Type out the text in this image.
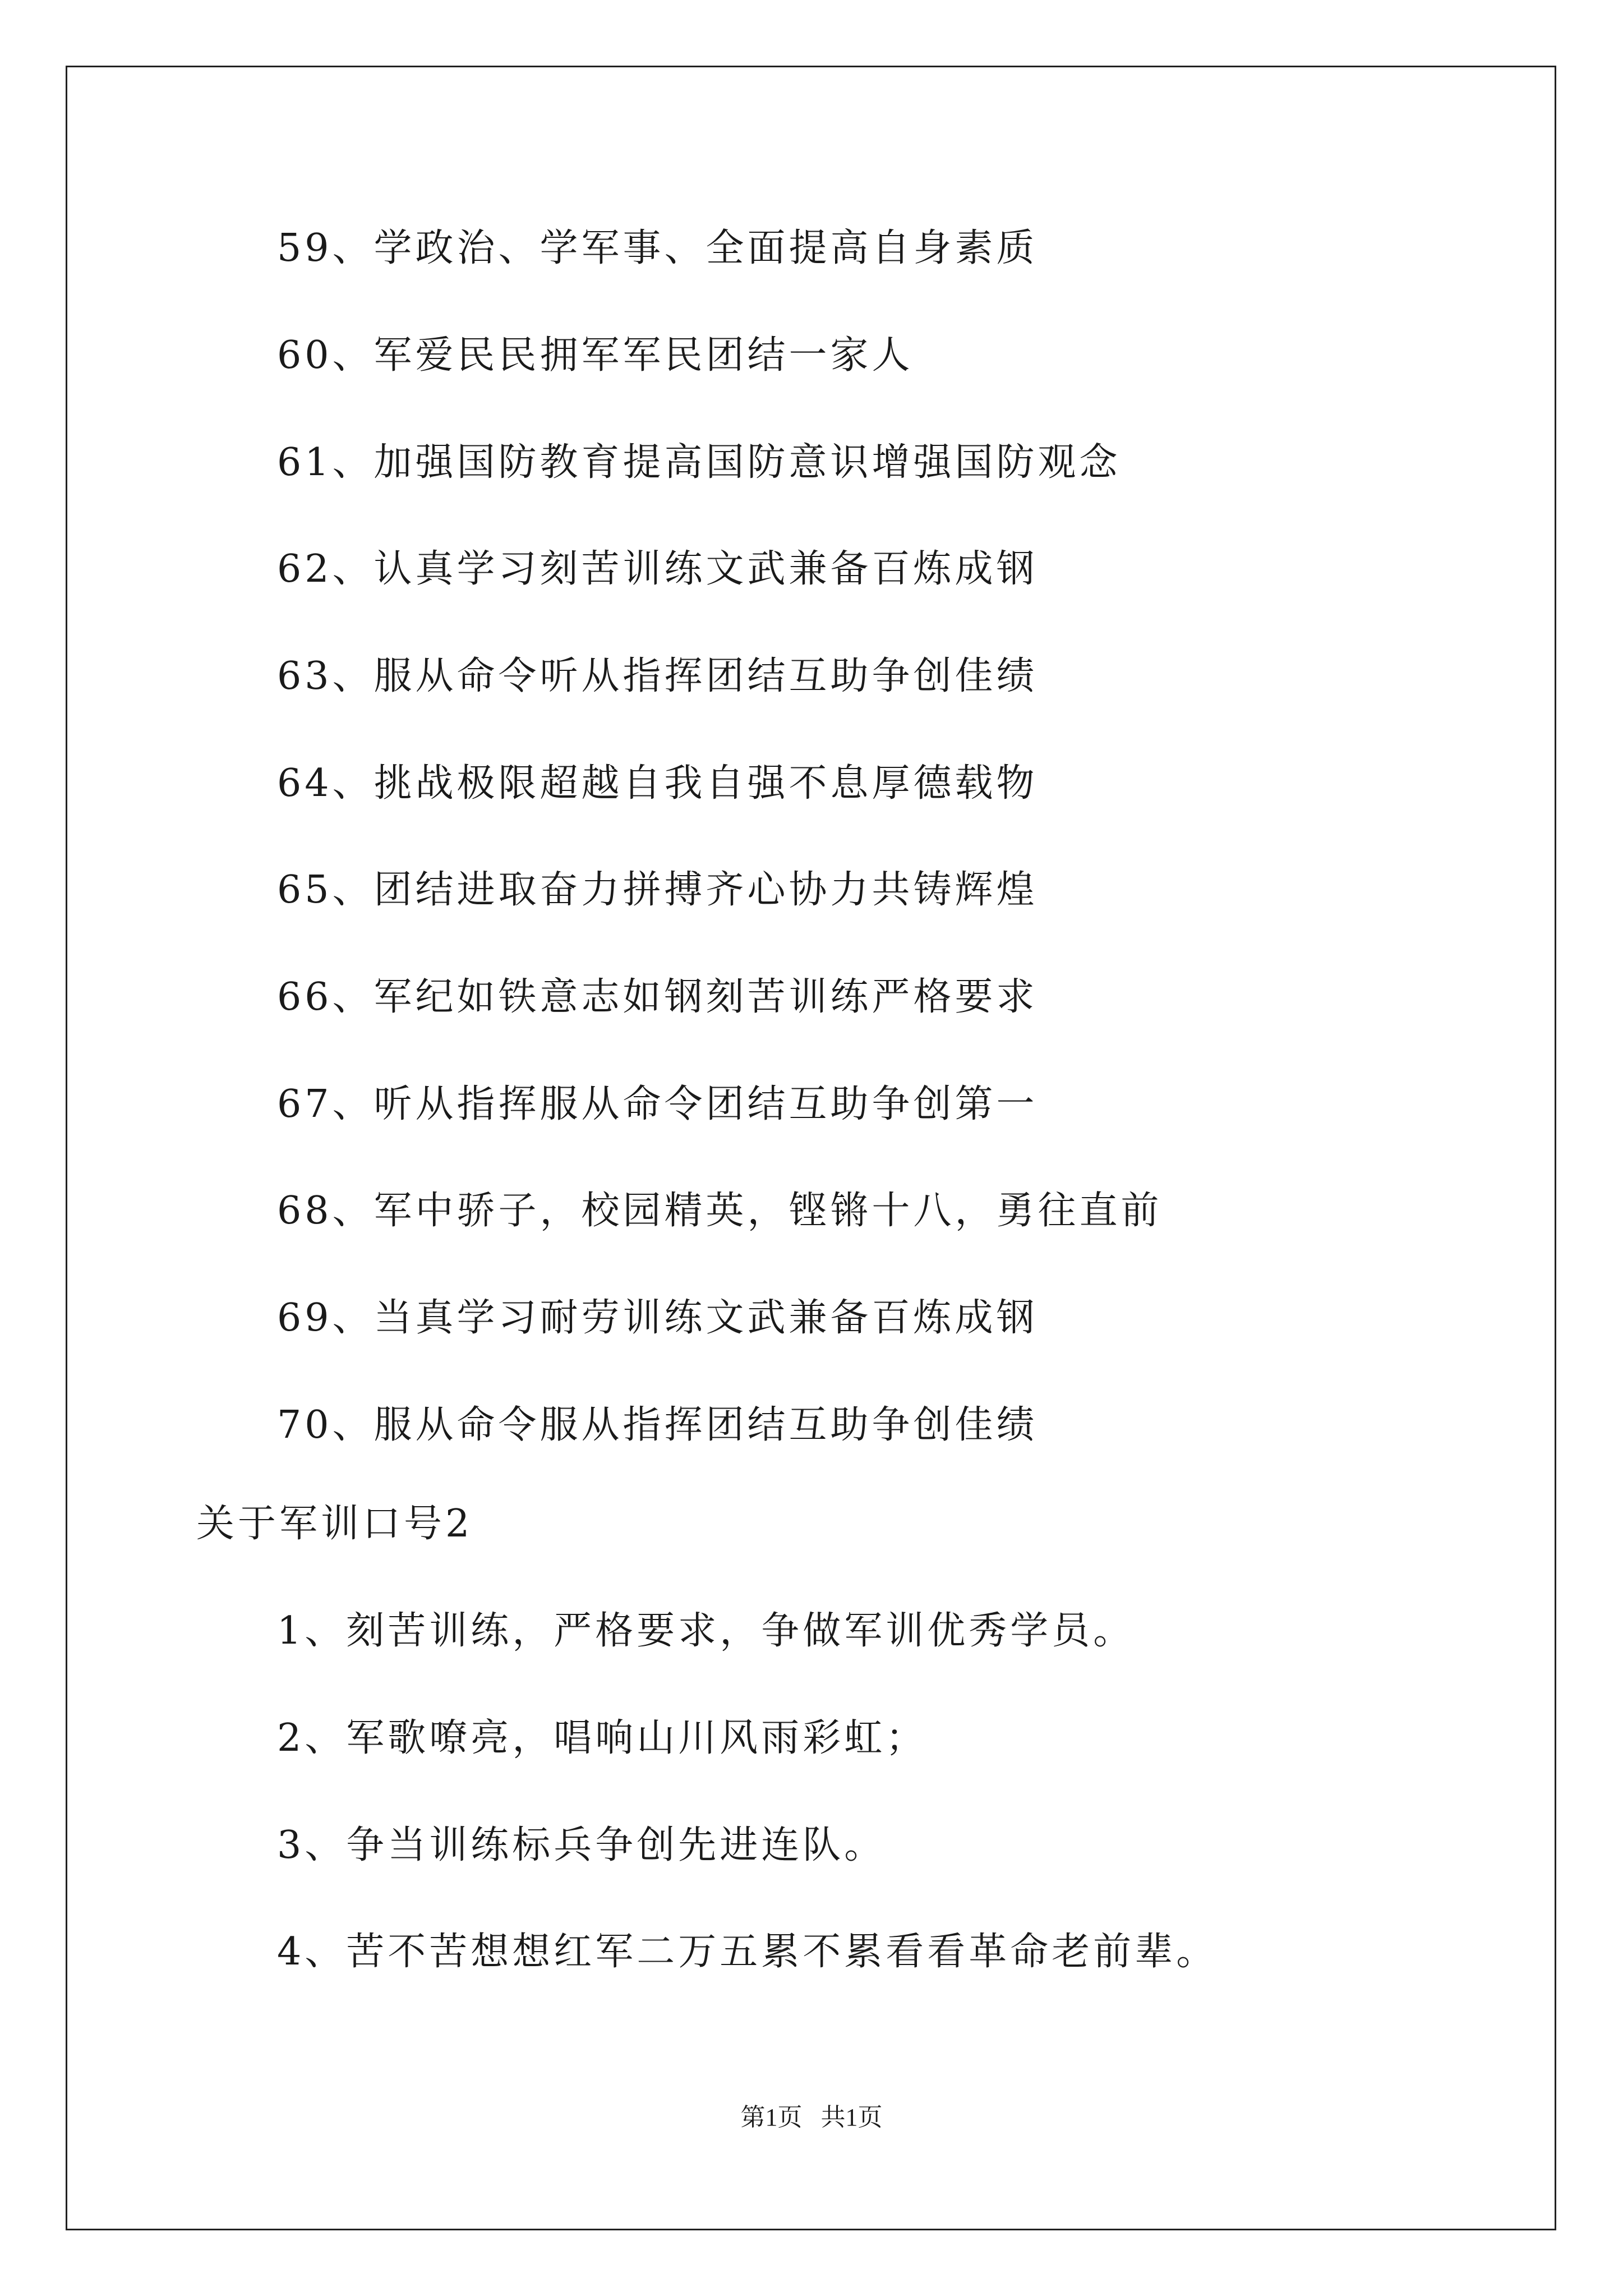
59、学政治、学军事、全面提高自身素质
60、军爱民民拥军军民团结一家人
61、加强国防教育提高国防意识增强国防观念
62、认真学习刻苦训练文武兼备百炼成钢
63、服从命令听从指挥团结互助争创佳绩
64、挑战极限超越自我自强不息厚德载物
65、团结进取奋力拼搏齐心协力共铸辉煌
66、军纪如铁意志如钢刻苦训练严格要求
67、听从指挥服从命令团结互助争创第一
68、军中骄子，校园精英，铿锵十八，勇往直前
69、当真学习耐劳训练文武兼备百炼成钢
70、服从命令服从指挥团结互助争创佳绩
关于军训口号2
1、刻苦训练，严格要求，争做军训优秀学员。
2、军歌嘹亮，唱响山川风雨彩虹；
3、争当训练标兵争创先进连队。
4、苦不苦想想红军二万五累不累看看革命老前辈。
第1页   共1页
